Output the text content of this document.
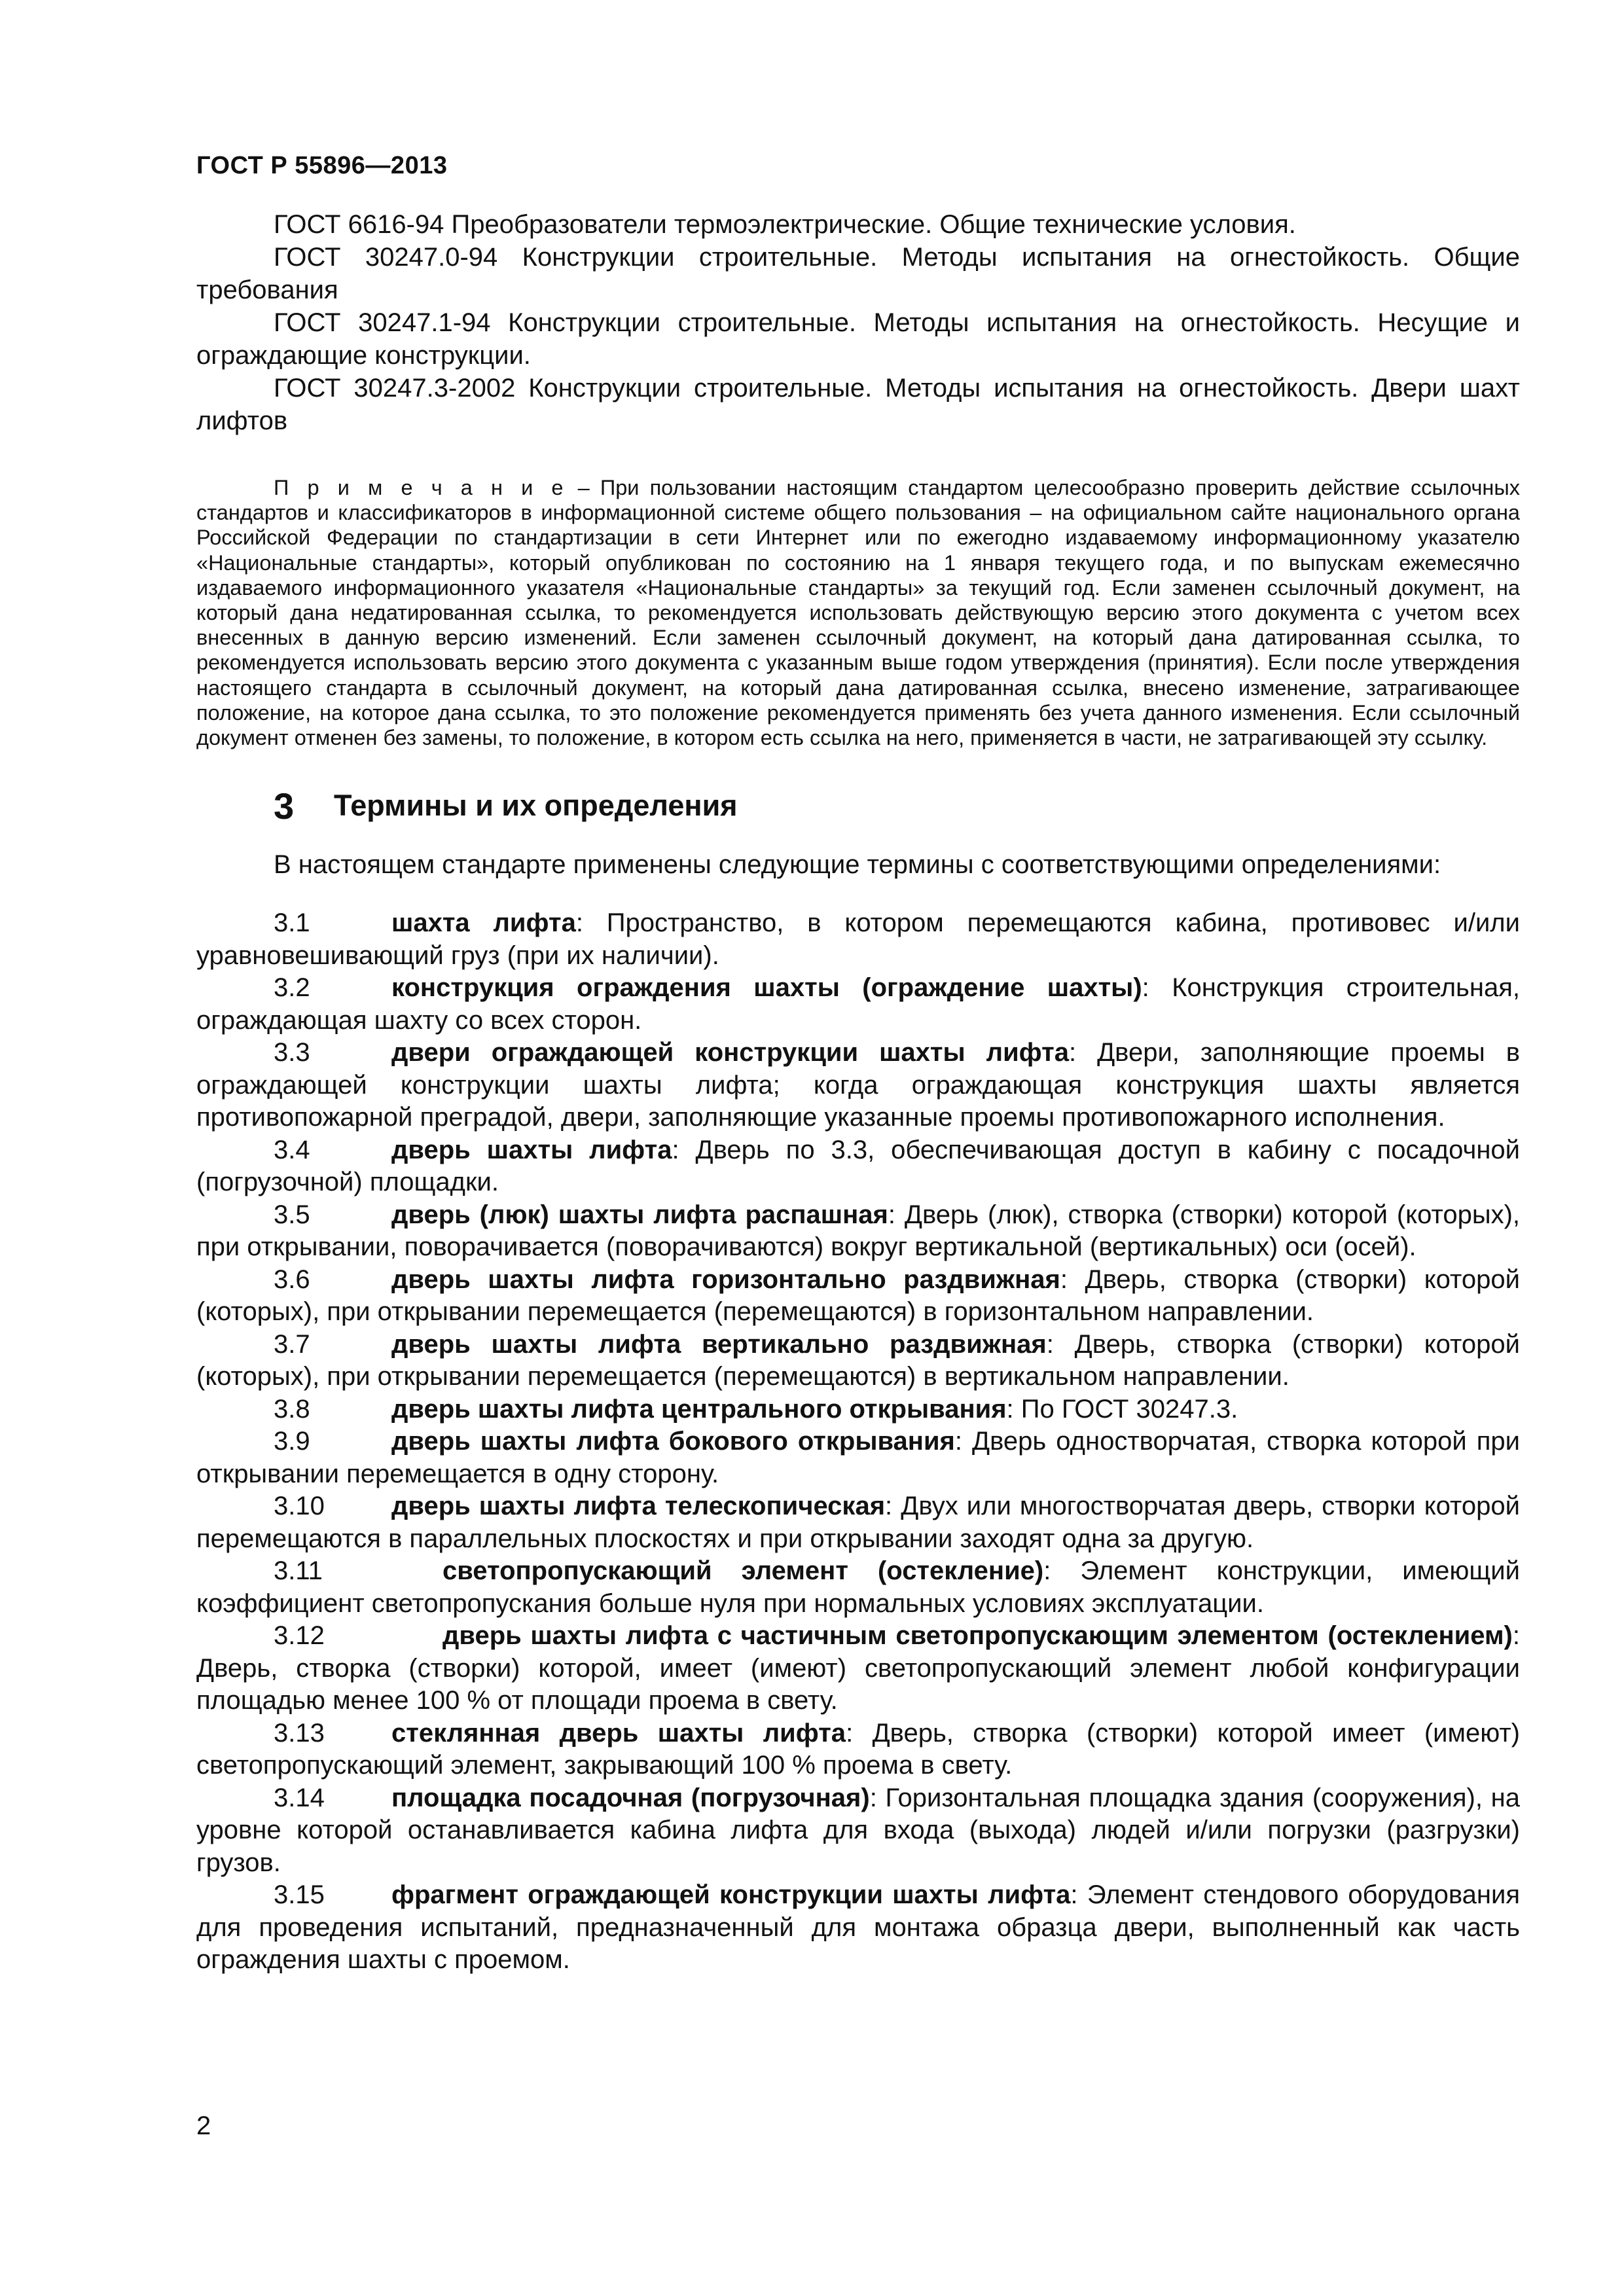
ГОСТ Р 55896—2013

ГОСТ 6616-94 Преобразователи термоэлектрические. Общие технические условия.

ГОСТ 30247.0-94 Конструкции строительные. Методы испытания на огнестойкость. Общие требования

ГОСТ 30247.1-94 Конструкции строительные. Методы испытания на огнестойкость. Несущие и ограждающие конструкции.

ГОСТ 30247.3-2002 Конструкции строительные. Методы испытания на огнестойкость. Двери шахт лифтов

П р и м е ч а н и е – При пользовании настоящим стандартом целесообразно проверить действие ссылочных стандартов и классификаторов в информационной системе общего пользования – на официальном сайте национального органа Российской Федерации по стандартизации в сети Интернет или по ежегодно издаваемому информационному указателю «Национальные стандарты», который опубликован по состоянию на 1 января текущего года, и по выпускам ежемесячно издаваемого информационного указателя «Национальные стандарты» за текущий год. Если заменен ссылочный документ, на который дана недатированная ссылка, то рекомендуется использовать действующую версию этого документа с учетом всех внесенных в данную версию изменений. Если заменен ссылочный документ, на который дана датированная ссылка, то рекомендуется использовать версию этого документа с указанным выше годом утверждения (принятия). Если после утверждения настоящего стандарта в ссылочный документ, на который дана датированная ссылка, внесено изменение, затрагивающее положение, на которое дана ссылка, то это положение рекомендуется применять без учета данного изменения. Если ссылочный документ отменен без замены, то положение, в котором есть ссылка на него, применяется в части, не затрагивающей эту ссылку.

3	Термины и их определения

В настоящем стандарте применены следующие термины с соответствующими определениями:

3.1	шахта лифта: Пространство, в котором перемещаются кабина, противовес и/или уравновешивающий груз (при их наличии).

3.2	конструкция ограждения шахты (ограждение шахты): Конструкция строительная, ограждающая шахту со всех сторон.

3.3	двери ограждающей конструкции шахты лифта: Двери, заполняющие проемы в ограждающей конструкции шахты лифта; когда ограждающая конструкция шахты является противопожарной преградой, двери, заполняющие указанные проемы противопожарного исполнения.

3.4	дверь шахты лифта: Дверь по 3.3, обеспечивающая доступ в кабину с посадочной (погрузочной) площадки.

3.5	дверь (люк) шахты лифта распашная: Дверь (люк), створка (створки) которой (которых), при открывании, поворачивается (поворачиваются) вокруг вертикальной (вертикальных) оси (осей).

3.6	дверь шахты лифта горизонтально раздвижная: Дверь, створка (створки) которой (которых), при открывании перемещается (перемещаются) в горизонтальном направлении.

3.7	дверь шахты лифта вертикально раздвижная: Дверь, створка (створки) которой (которых), при открывании перемещается (перемещаются) в вертикальном направлении.

3.8	дверь шахты лифта центрального открывания: По ГОСТ 30247.3.

3.9	дверь шахты лифта бокового открывания: Дверь одностворчатая, створка которой при открывании перемещается в одну сторону.

3.10	дверь шахты лифта телескопическая: Двух или многостворчатая дверь, створки которой перемещаются в параллельных плоскостях и при открывании заходят одна за другую.

3.11	светопропускающий элемент (остекление): Элемент конструкции, имеющий коэффициент светопропускания больше нуля при нормальных условиях эксплуатации.

3.12	дверь шахты лифта с частичным светопропускающим элементом (остеклением): Дверь, створка (створки) которой, имеет (имеют) светопропускающий элемент любой конфигурации площадью менее 100 % от площади проема в свету.

3.13	стеклянная дверь шахты лифта: Дверь, створка (створки) которой имеет (имеют) светопропускающий элемент, закрывающий 100 % проема в свету.

3.14	площадка посадочная (погрузочная): Горизонтальная площадка здания (сооружения), на уровне которой останавливается кабина лифта для входа (выхода) людей и/или погрузки (разгрузки) грузов.

3.15	фрагмент ограждающей конструкции шахты лифта: Элемент стендового оборудования для проведения испытаний, предназначенный для монтажа образца двери, выполненный как часть ограждения шахты с проемом.

2
